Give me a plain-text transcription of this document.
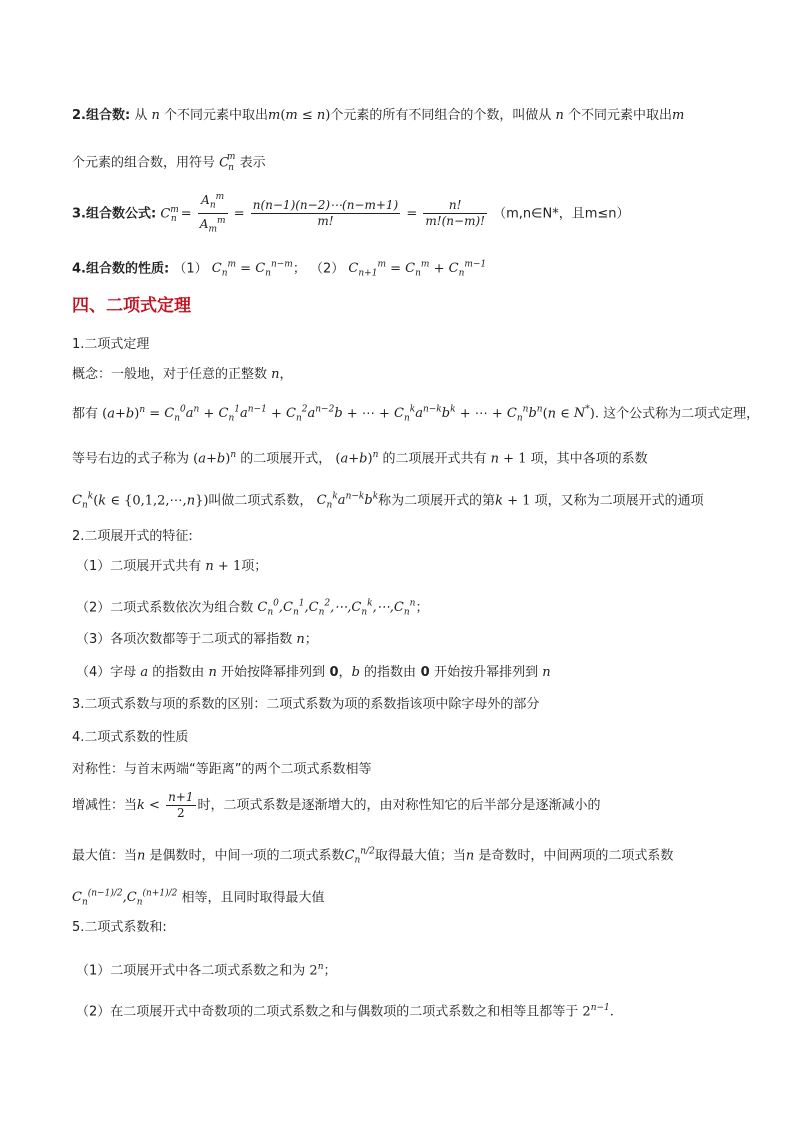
2.组合数: 从 n 个不同元素中取出m(m ≤ n)个元素的所有不同组合的个数，叫做从 n 个不同元素中取出m
个元素的组合数，用符号 $C_n^m$ 表示
3.组合数公式: $C^m_n = \frac{A_n^m}{A_m^m} = \frac{n(n-1)(n-2)\cdots(n-m+1)}{m!} = \frac{n!}{m!(n-m)!}$ （m,n∈N*，且m≤n）
4.组合数的性质: （1） $C_n^m = C_n^{n-m}$； （2） $C_{n+1}^m = C_n^m + C_n^{m-1}$
四、二项式定理
1.二项式定理
概念：一般地，对于任意的正整数 n，
都有 $(a+b)^n = C_n^0a^n + C_n^1a^{n-1} + C_n^2a^{n-2}b$ + ⋯ + $C_n^ka^{n-k}b^k$ + ⋯ + $C_n^nb^n(n$ ∈ N*). 这个公式称为二项式定理，
等号右边的式子称为 $(a+b)^n$ 的二项展开式， $(a+b)^n$ 的二项展开式共有 n + 1 项，其中各项的系数
$C_n^k(k$ ∈ {0,1,2,⋯,n})叫做二项式系数， $C_n^ka^{n-k}b^k$称为二项展开式的第k + 1 项，又称为二项展开式的通项
2.二项展开式的特征:
（1）二项展开式共有 n + 1项；
（2）二项式系数依次为组合数 $C_n^0,C_n^1,C_n^2,\cdots,C_n^k,\cdots,C_n^n$；
（3）各项次数都等于二项式的幂指数 n；
（4）字母 a 的指数由 n 开始按降幂排列到 0，b 的指数由 0 开始按升幂排列到 n
3.二项式系数与项的系数的区别：二项式系数为项的系数指该项中除字母外的部分
4.二项式系数的性质
对称性：与首末两端“等距离”的两个二项式系数相等
增减性：当$k < \frac{n+1}{2}$ 时，二项式系数是逐渐增大的，由对称性知它的后半部分是逐渐减小的
最大值：当n 是偶数时，中间一项的二项式系数$C_n^{n/2}$取得最大值；当n 是奇数时，中间两项的二项式系数
$C_n^{(n-1)/2},C_n^{(n+1)/2}$ 相等，且同时取得最大值
5.二项式系数和:
（1）二项展开式中各二项式系数之和为 2$^n$；
（2）在二项展开式中奇数项的二项式系数之和与偶数项的二项式系数之和相等且都等于 $2^{n-1}$.
